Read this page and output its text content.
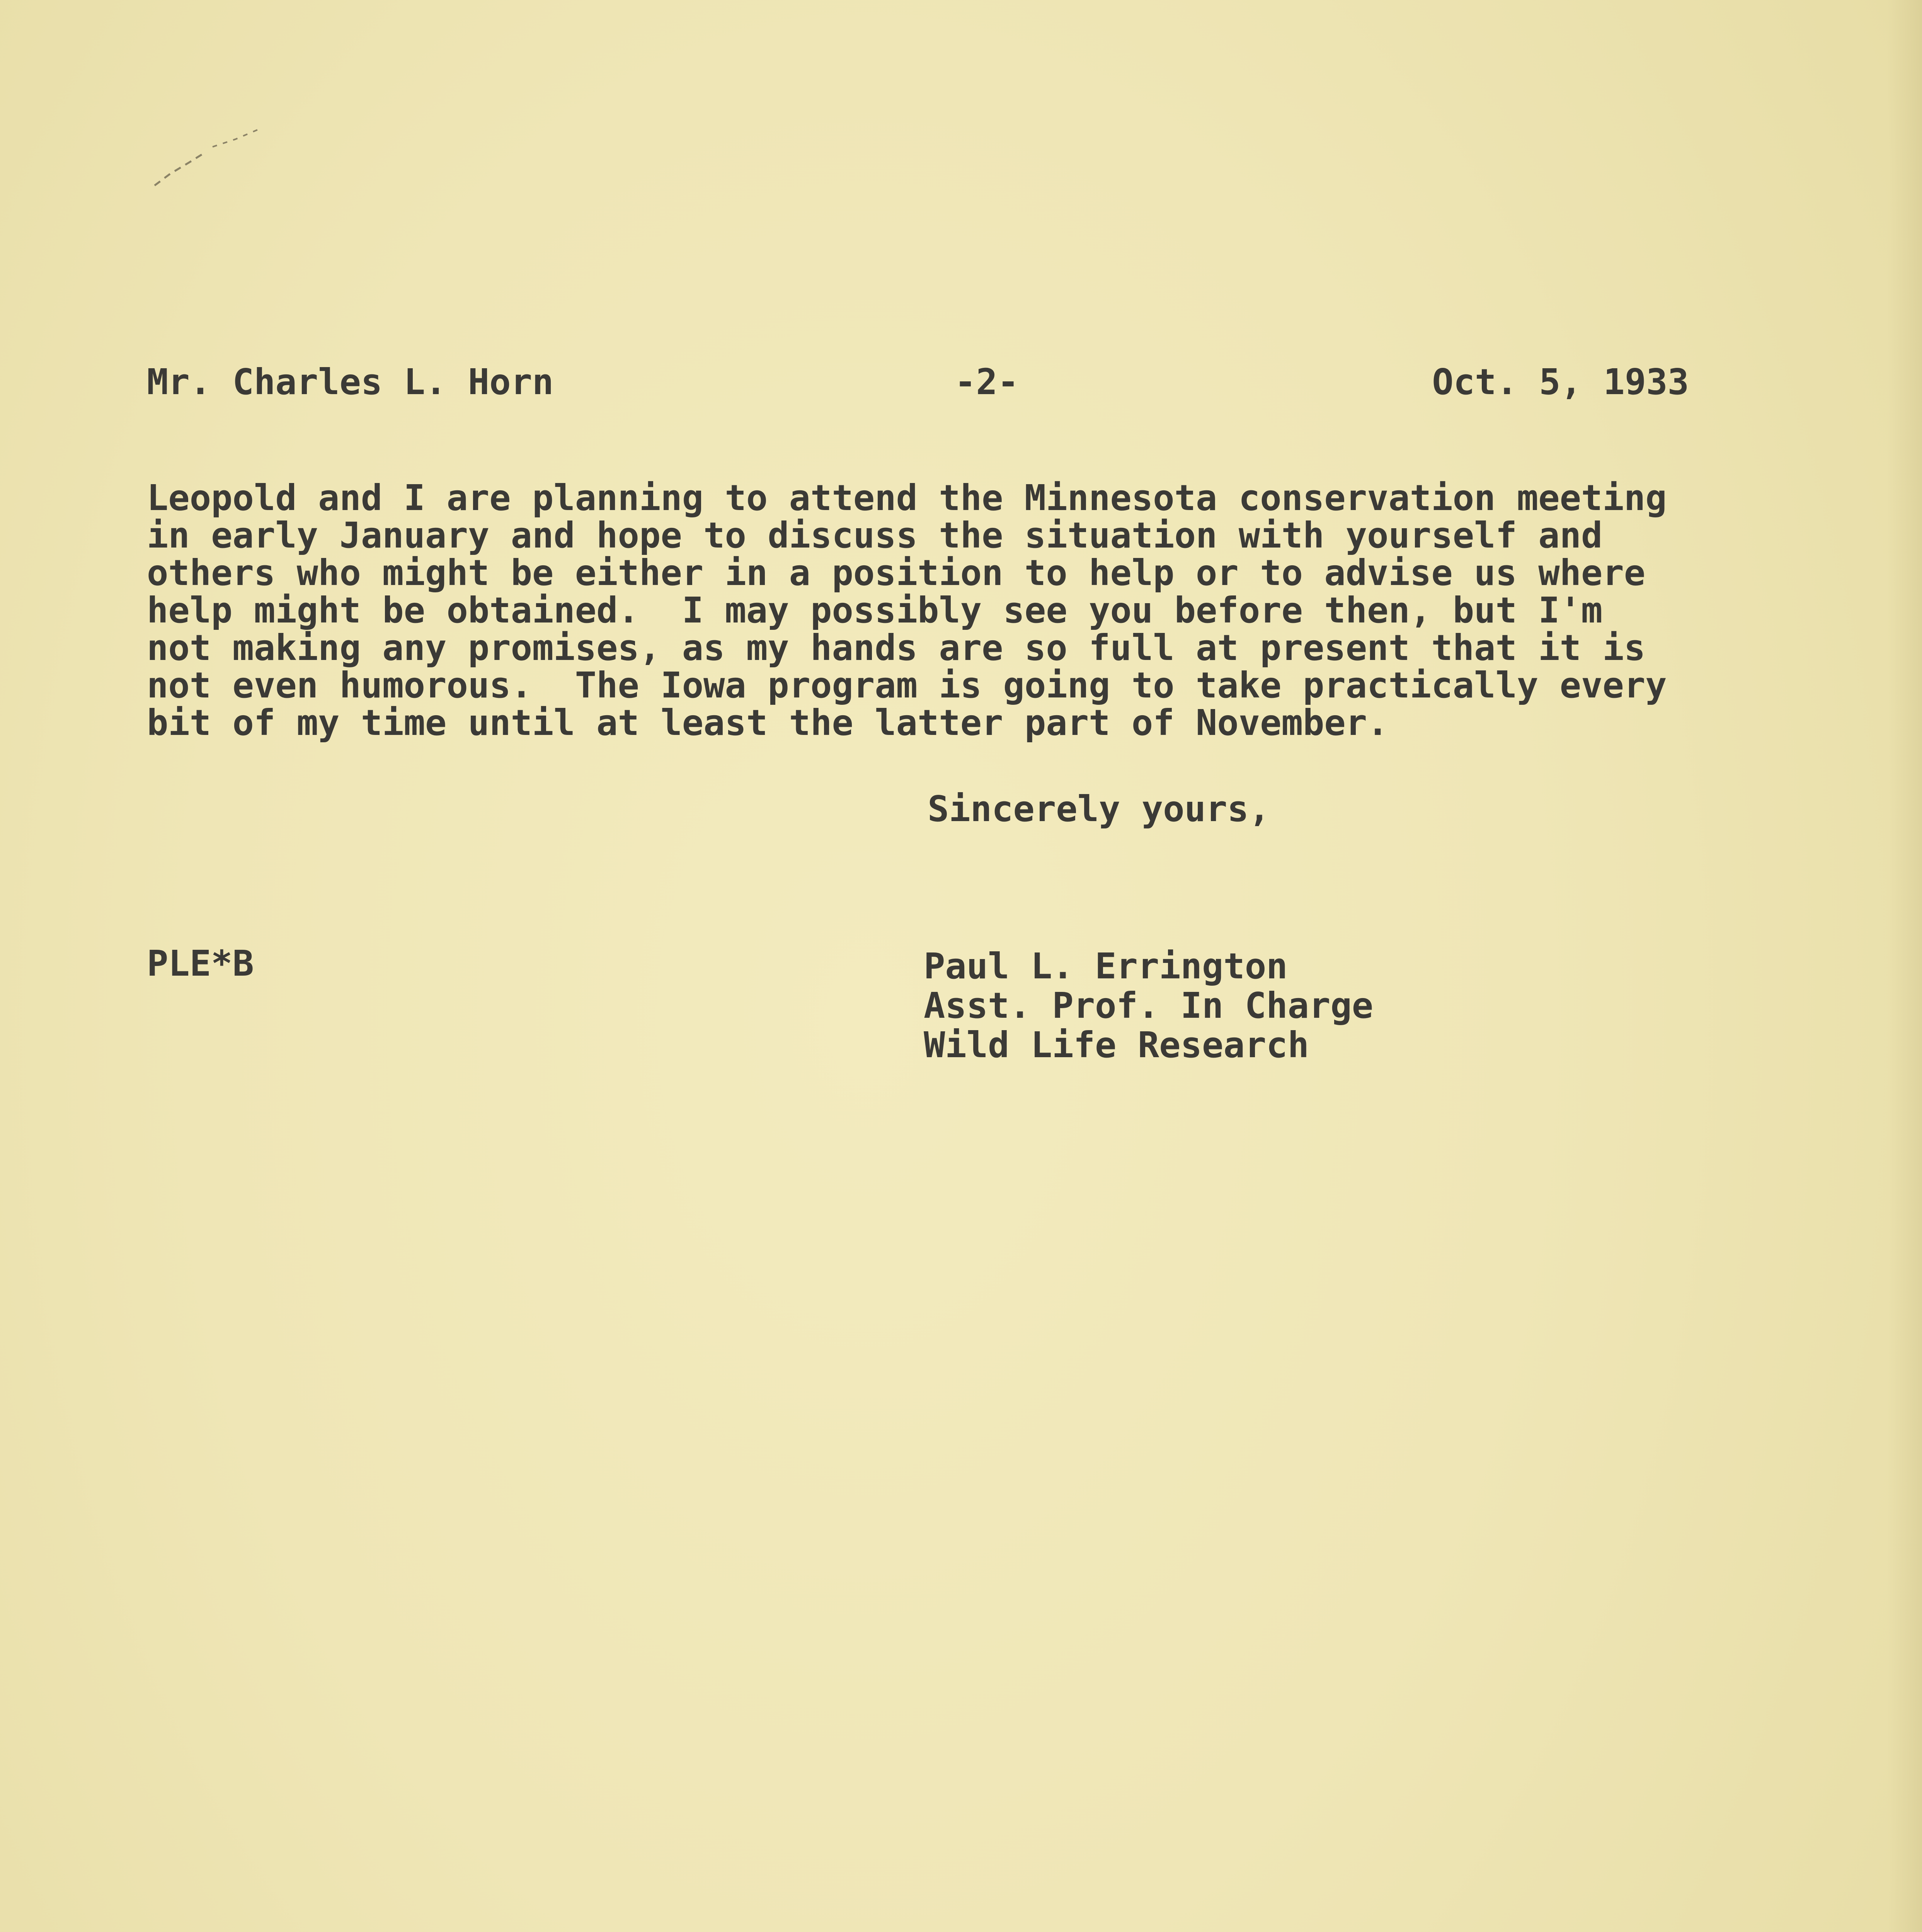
Mr. Charles L. Horn	-2-	Oct. 5, 1933
Leopold and I are planning to attend the Minnesota conservation meeting
in early January and hope to discuss the situation with yourself and
others who might be either in a position to help or to advise us where
help might be obtained.  I may possibly see you before then, but I'm
not making any promises, as my hands are so full at present that it is
not even humorous.  The Iowa program is going to take practically every
bit of my time until at least the latter part of November.
Sincerely yours,
PLE*B	Paul L. Errington
Asst. Prof. In Charge
Wild Life Research
